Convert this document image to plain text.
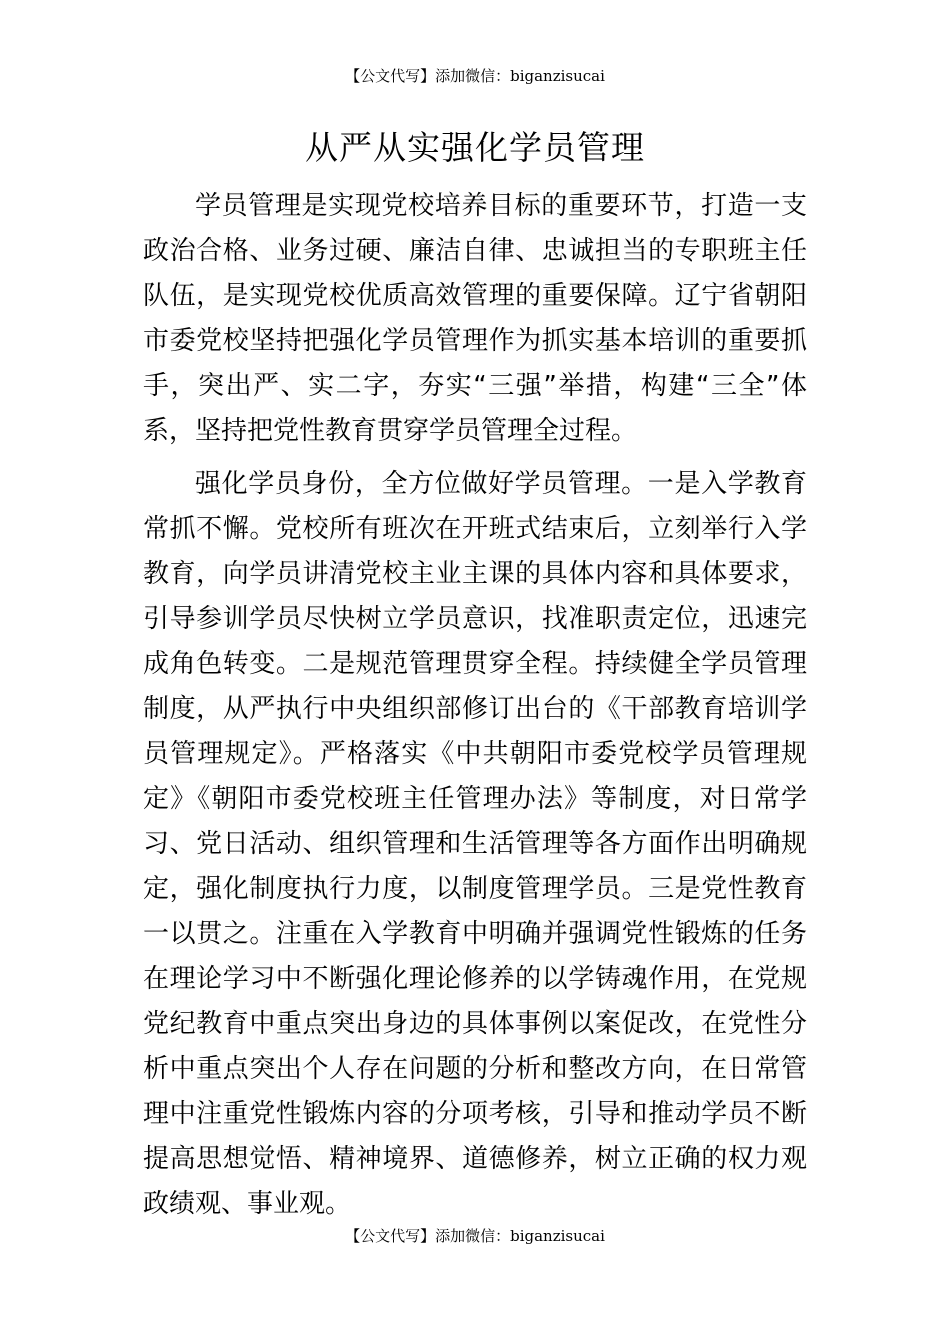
【公文代写】添加微信：biganzisucai
从严从实强化学员管理

学员管理是实现党校培养目标的重要环节，打造一支政治合格、业务过硬、廉洁自律、忠诚担当的专职班主任队伍，是实现党校优质高效管理的重要保障。辽宁省朝阳市委党校坚持把强化学员管理作为抓实基本培训的重要抓手，突出严、实二字，夯实“三强”举措，构建“三全”体系，坚持把党性教育贯穿学员管理全过程。

强化学员身份，全方位做好学员管理。一是入学教育常抓不懈。党校所有班次在开班式结束后，立刻举行入学教育，向学员讲清党校主业主课的具体内容和具体要求，引导参训学员尽快树立学员意识，找准职责定位，迅速完成角色转变。二是规范管理贯穿全程。持续健全学员管理制度，从严执行中央组织部修订出台的《干部教育培训学员管理规定》。严格落实《中共朝阳市委党校学员管理规定》《朝阳市委党校班主任管理办法》等制度，对日常学习、党日活动、组织管理和生活管理等各方面作出明确规定，强化制度执行力度，以制度管理学员。三是党性教育一以贯之。注重在入学教育中明确并强调党性锻炼的任务在理论学习中不断强化理论修养的以学铸魂作用，在党规党纪教育中重点突出身边的具体事例以案促改，在党性分析中重点突出个人存在问题的分析和整改方向，在日常管理中注重党性锻炼内容的分项考核，引导和推动学员不断提高思想觉悟、精神境界、道德修养，树立正确的权力观政绩观、事业观。

【公文代写】添加微信：biganzisucai
